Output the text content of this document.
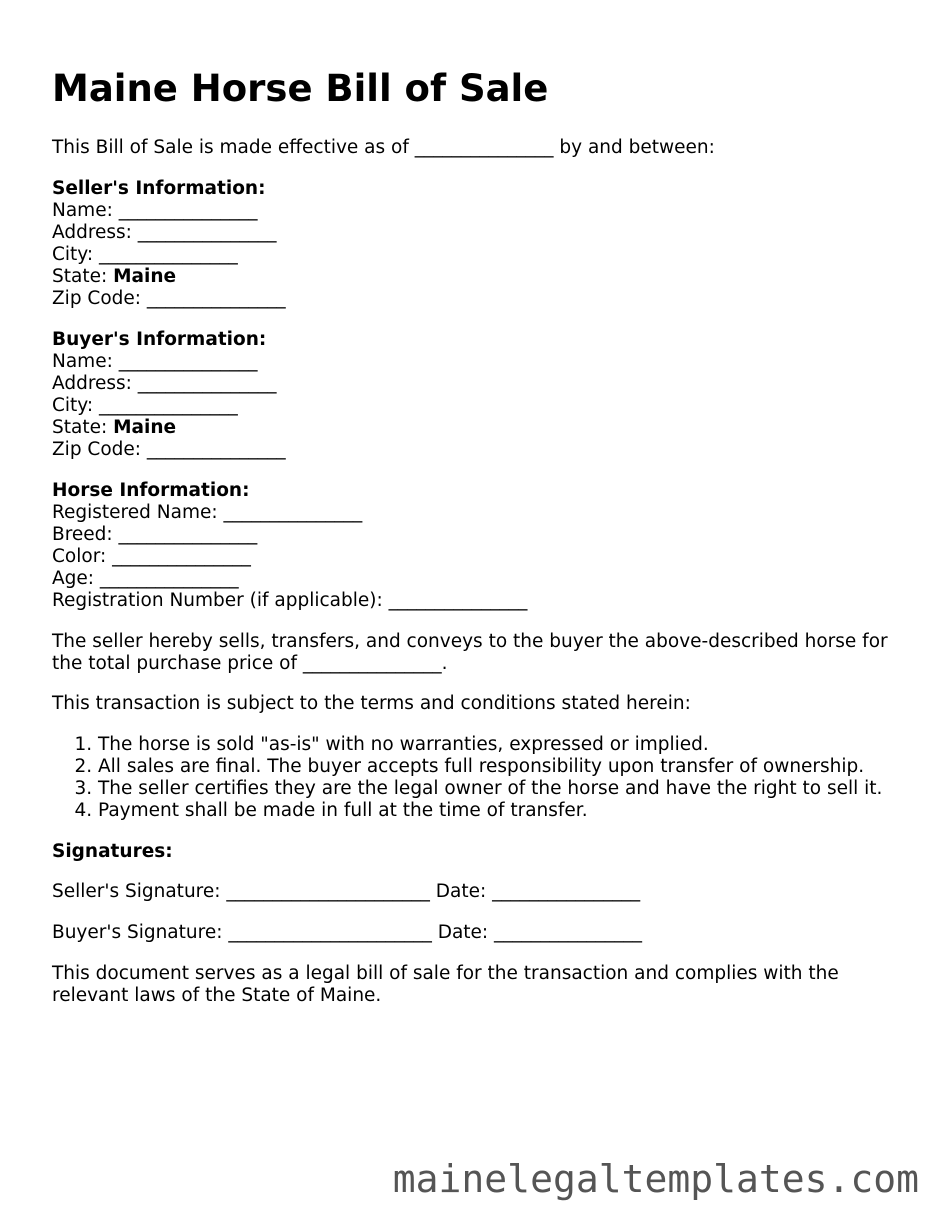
Maine Horse Bill of Sale
This Bill of Sale is made effective as of _______________ by and between:
Seller's Information:
Name: _______________
Address: _______________
City: _______________
State: Maine
Zip Code: _______________
Buyer's Information:
Name: _______________
Address: _______________
City: _______________
State: Maine
Zip Code: _______________
Horse Information:
Registered Name: _______________
Breed: _______________
Color: _______________
Age: _______________
Registration Number (if applicable): _______________
The seller hereby sells, transfers, and conveys to the buyer the above-described horse for
the total purchase price of _______________.
This transaction is subject to the terms and conditions stated herein:
1. The horse is sold "as-is" with no warranties, expressed or implied.
2. All sales are final. The buyer accepts full responsibility upon transfer of ownership.
3. The seller certifies they are the legal owner of the horse and have the right to sell it.
4. Payment shall be made in full at the time of transfer.
Signatures:
Seller's Signature: ______________________ Date: ________________
Buyer's Signature: ______________________ Date: ________________
This document serves as a legal bill of sale for the transaction and complies with the
relevant laws of the State of Maine.
mainelegaltemplates.com
